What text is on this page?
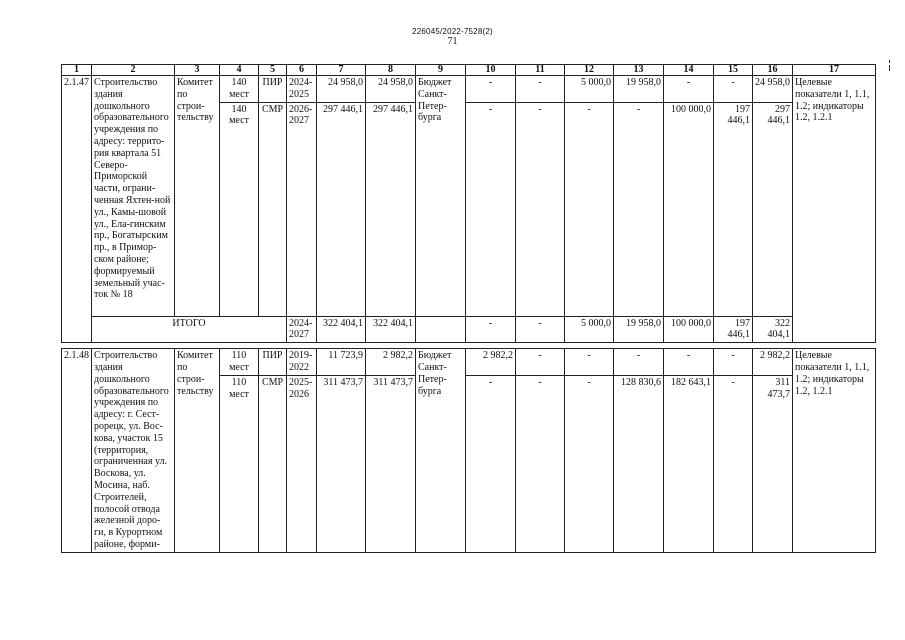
226045/2022-7528(2)
71
1	2	3	4	5	6	7	8	9	10	11	12	13	14	15	16	17
2.1.47	Строительство здания дошкольного образовательного учреждения по адресу: террито-рия квартала 51 Северо-Приморской части, ограни-ченная Яхтен-ной ул., Камы-шовой ул., Ела-гинским пр., Богатырским пр., в Примор-ском районе; формируемый земельный учас-ток № 18	Комитет по строи-тельству	140 мест	ПИР	2024-2025	24 958,0	24 958,0	Бюджет Санкт-Петер-бурга	-	-	5 000,0	19 958,0	-	-	24 958,0	Целевые показатели 1, 1.1, 1.2; индикаторы 1.2, 1.2.1
			140 мест	СМР	2026-2027	297 446,1	297 446,1		-	-	-	-	100 000,0	197 446,1	297 446,1	
	ИТОГО				2024-2027	322 404,1	322 404,1		-	-	5 000,0	19 958,0	100 000,0	197 446,1	322 404,1	

2.1.48	Строительство здания дошкольного образовательного учреждения по адресу: г. Сест-рорецк, ул. Вос-кова, участок 15 (территория, ограниченная ул. Воскова, ул. Мосина, наб. Строителей, полосой отвода железной доро-ги, в Курортном районе, форми-	Комитет по строи-тельству	110 мест	ПИР	2019-2022	11 723,9	2 982,2	Бюджет Санкт-Петер-бурга	2 982,2	-	-	-	-	-	2 982,2	Целевые показатели 1, 1.1, 1.2; индикаторы 1.2, 1.2.1
			110 мест	СМР	2025-2026	311 473,7	311 473,7		-	-	-	128 830,6	182 643,1	-	311 473,7	
